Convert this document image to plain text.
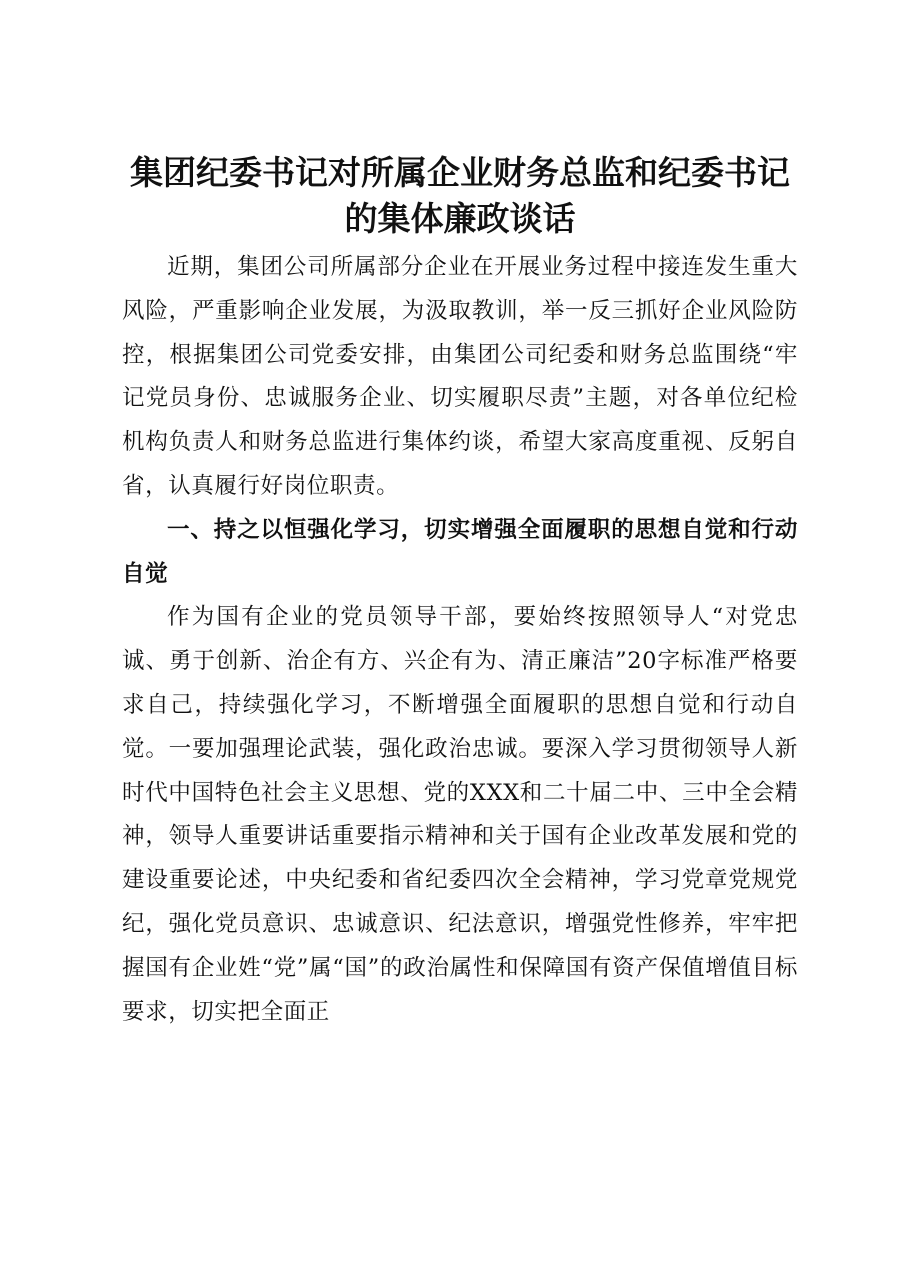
集团纪委书记对所属企业财务总监和纪委书记
的集体廉政谈话

近期，集团公司所属部分企业在开展业务过程中接连发生重大风险，严重影响企业发展，为汲取教训，举一反三抓好企业风险防控，根据集团公司党委安排，由集团公司纪委和财务总监围绕“牢记党员身份、忠诚服务企业、切实履职尽责”主题，对各单位纪检机构负责人和财务总监进行集体约谈，希望大家高度重视、反躬自省，认真履行好岗位职责。

一、持之以恒强化学习，切实增强全面履职的思想自觉和行动自觉

作为国有企业的党员领导干部，要始终按照领导人“对党忠诚、勇于创新、治企有方、兴企有为、清正廉洁”20字标准严格要求自己，持续强化学习，不断增强全面履职的思想自觉和行动自觉。一要加强理论武装，强化政治忠诚。要深入学习贯彻领导人新时代中国特色社会主义思想、党的XXX和二十届二中、三中全会精神，领导人重要讲话重要指示精神和关于国有企业改革发展和党的建设重要论述，中央纪委和省纪委四次全会精神，学习党章党规党纪，强化党员意识、忠诚意识、纪法意识，增强党性修养，牢牢把握国有企业姓“党”属“国”的政治属性和保障国有资产保值增值目标要求，切实把全面正
